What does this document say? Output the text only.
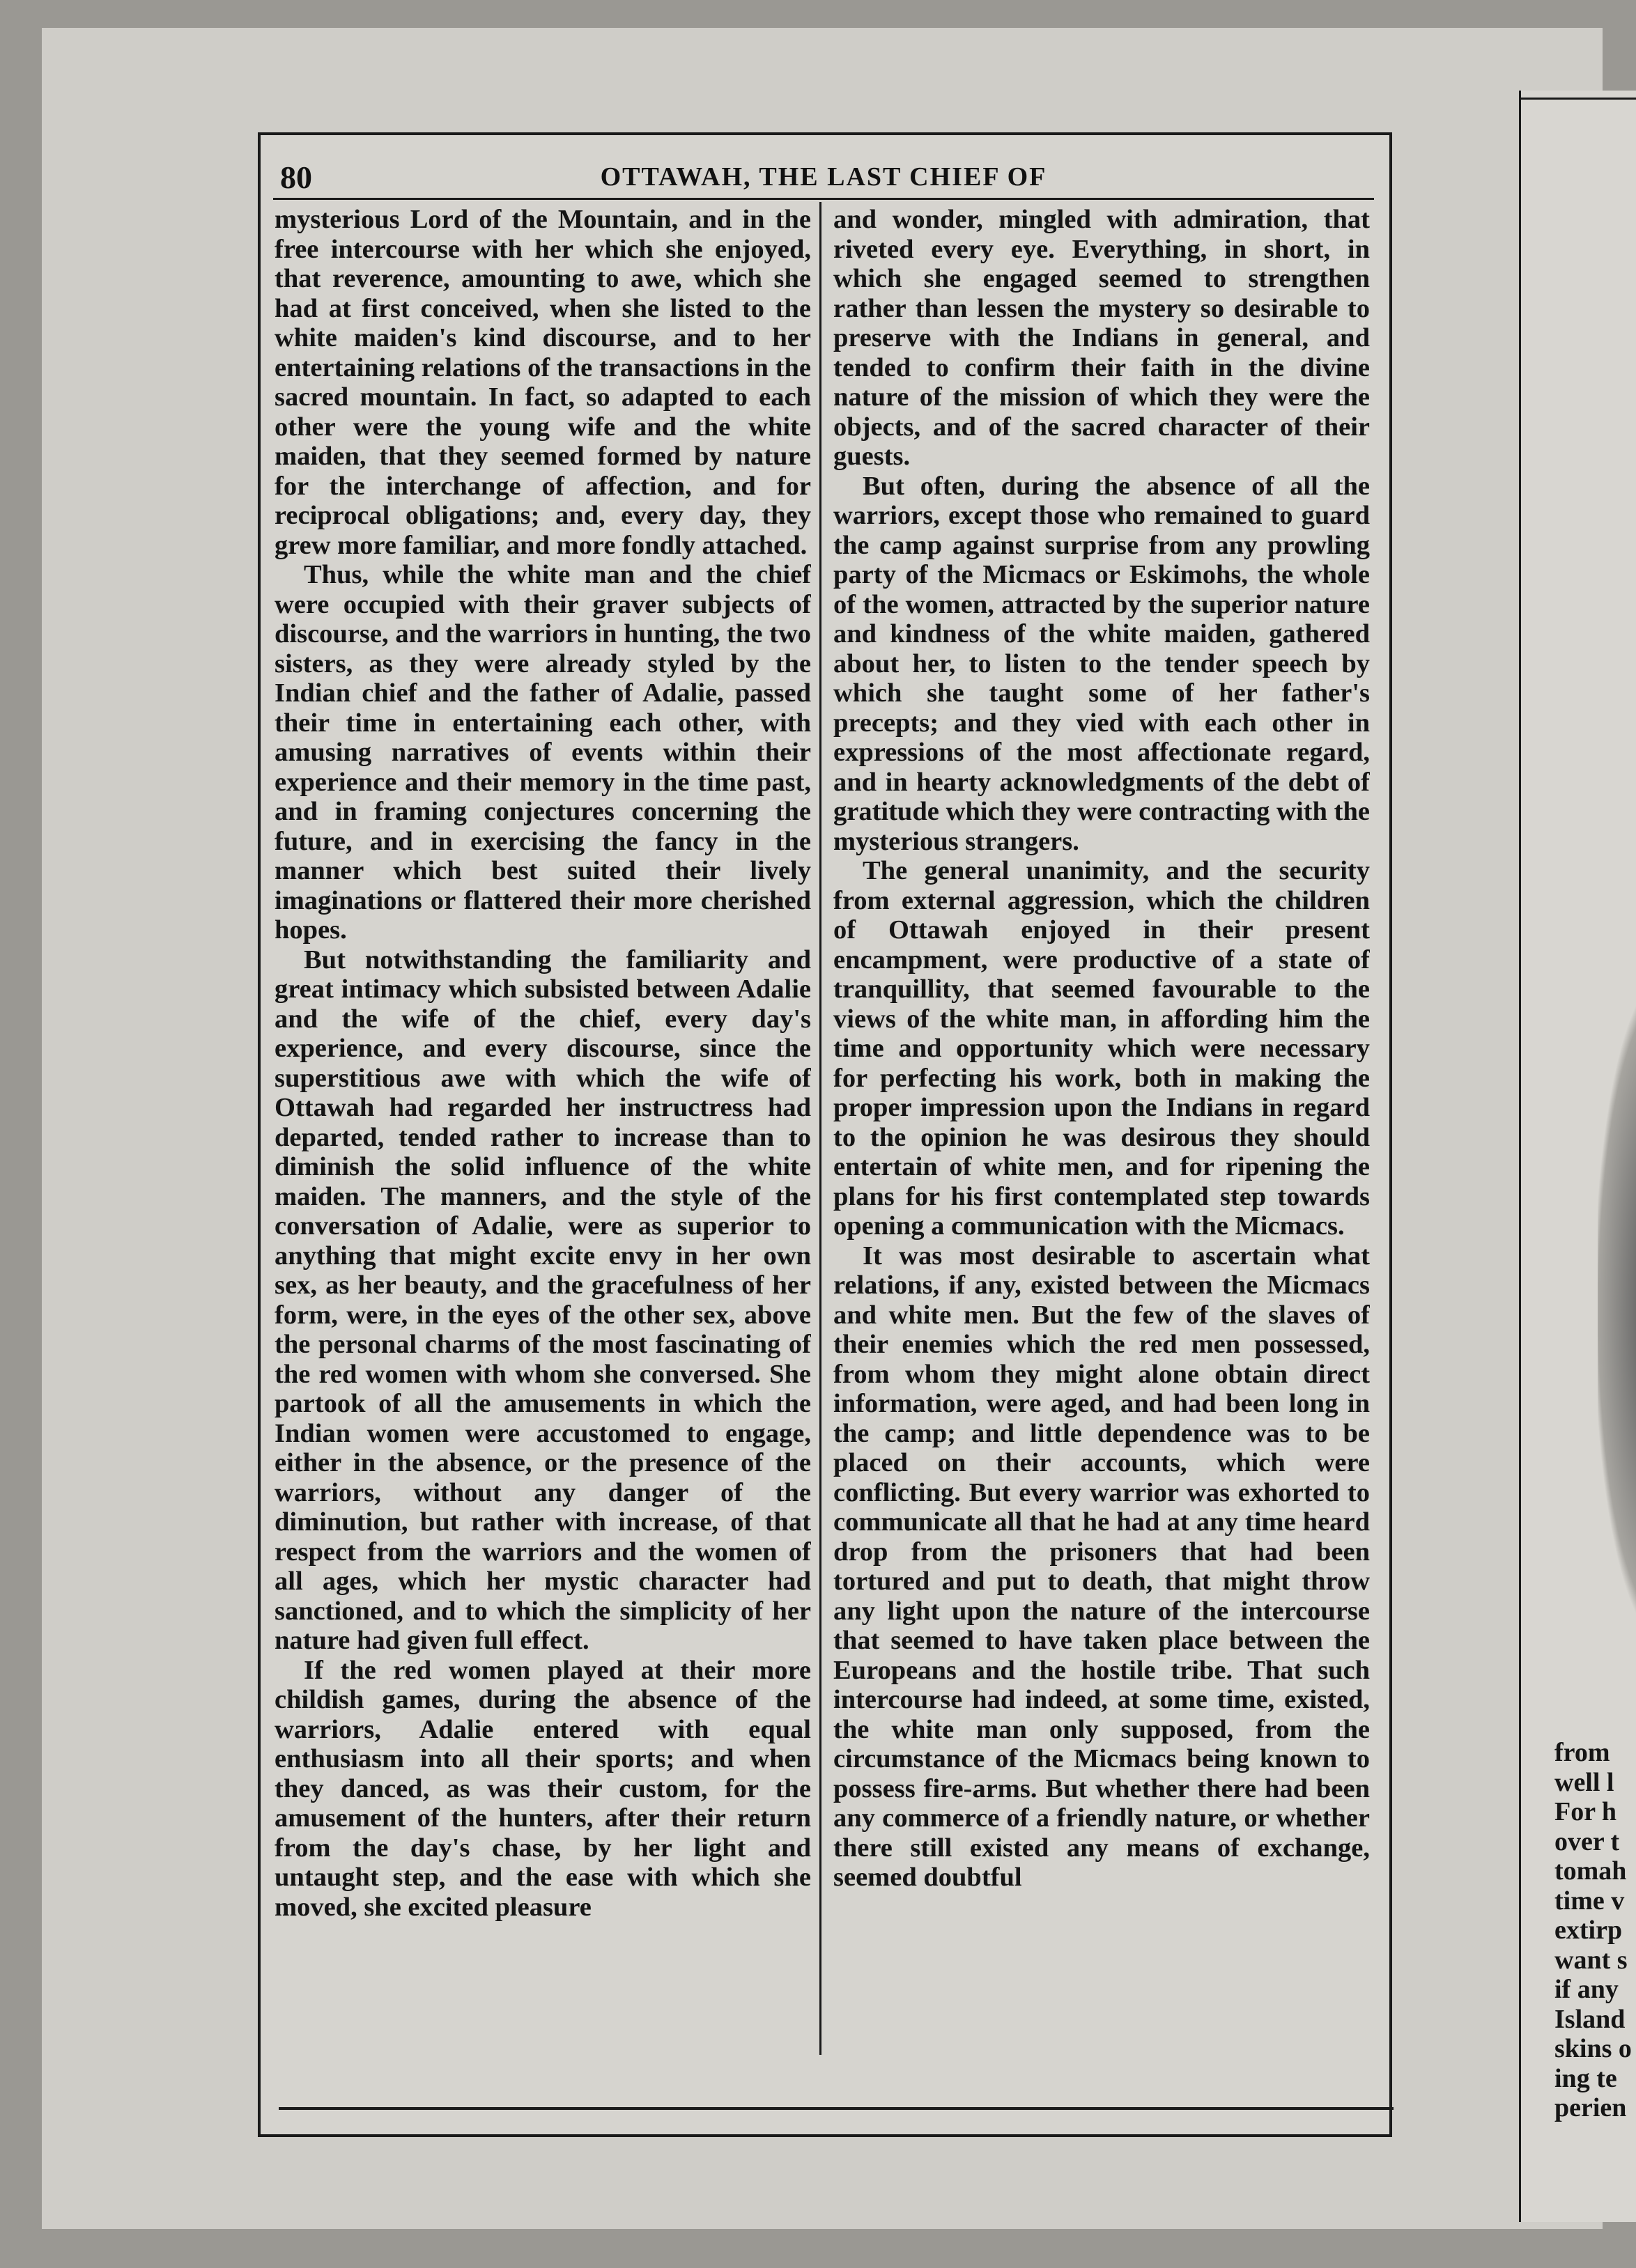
80	OTTAWAH, THE LAST CHIEF OF

mysterious Lord of the Mountain, and in the free intercourse with her which she enjoyed, that reverence, amounting to awe, which she had at first conceived, when she listed to the white maiden's kind discourse, and to her entertaining relations of the transactions in the sacred mountain. In fact, so adapted to each other were the young wife and the white maiden, that they seemed formed by nature for the interchange of affection, and for reciprocal obligations; and, every day, they grew more familiar, and more fondly attached.

Thus, while the white man and the chief were occupied with their graver subjects of discourse, and the warriors in hunting, the two sisters, as they were already styled by the Indian chief and the father of Adalie, passed their time in entertaining each other, with amusing narratives of events within their experience and their memory in the time past, and in framing conjectures concerning the future, and in exercising the fancy in the manner which best suited their lively imaginations or flattered their more cherished hopes.

But notwithstanding the familiarity and great intimacy which subsisted between Adalie and the wife of the chief, every day's experience, and every discourse, since the superstitious awe with which the wife of Ottawah had regarded her instructress had departed, tended rather to increase than to diminish the solid influence of the white maiden. The manners, and the style of the conversation of Adalie, were as superior to anything that might excite envy in her own sex, as her beauty, and the gracefulness of her form, were, in the eyes of the other sex, above the personal charms of the most fascinating of the red women with whom she conversed. She partook of all the amusements in which the Indian women were accustomed to engage, either in the absence, or the presence of the warriors, without any danger of the diminution, but rather with increase, of that respect from the warriors and the women of all ages, which her mystic character had sanctioned, and to which the simplicity of her nature had given full effect.

If the red women played at their more childish games, during the absence of the warriors, Adalie entered with equal enthusiasm into all their sports; and when they danced, as was their custom, for the amusement of the hunters, after their return from the day's chase, by her light and untaught step, and the ease with which she moved, she excited pleasure

and wonder, mingled with admiration, that riveted every eye. Everything, in short, in which she engaged seemed to strengthen rather than lessen the mystery so desirable to preserve with the Indians in general, and tended to confirm their faith in the divine nature of the mission of which they were the objects, and of the sacred character of their guests.

But often, during the absence of all the warriors, except those who remained to guard the camp against surprise from any prowling party of the Micmacs or Eskimohs, the whole of the women, attracted by the superior nature and kindness of the white maiden, gathered about her, to listen to the tender speech by which she taught some of her father's precepts; and they vied with each other in expressions of the most affectionate regard, and in hearty acknowledgments of the debt of gratitude which they were contracting with the mysterious strangers.

The general unanimity, and the security from external aggression, which the children of Ottawah enjoyed in their present encampment, were productive of a state of tranquillity, that seemed favourable to the views of the white man, in affording him the time and opportunity which were necessary for perfecting his work, both in making the proper impression upon the Indians in regard to the opinion he was desirous they should entertain of white men, and for ripening the plans for his first contemplated step towards opening a communication with the Micmacs.

It was most desirable to ascertain what relations, if any, existed between the Micmacs and white men. But the few of the slaves of their enemies which the red men possessed, from whom they might alone obtain direct information, were aged, and had been long in the camp; and little dependence was to be placed on their accounts, which were conflicting. But every warrior was exhorted to communicate all that he had at any time heard drop from the prisoners that had been tortured and put to death, that might throw any light upon the nature of the intercourse that seemed to have taken place between the Europeans and the hostile tribe. That such intercourse had indeed, at some time, existed, the white man only supposed, from the circumstance of the Micmacs being known to possess fire-arms. But whether there had been any commerce of a friendly nature, or whether there still existed any means of exchange, seemed doubtful

from
well l
For h
over t
tomah
time v
extirp
want s
if any
Island
skins o
ing te
perien
